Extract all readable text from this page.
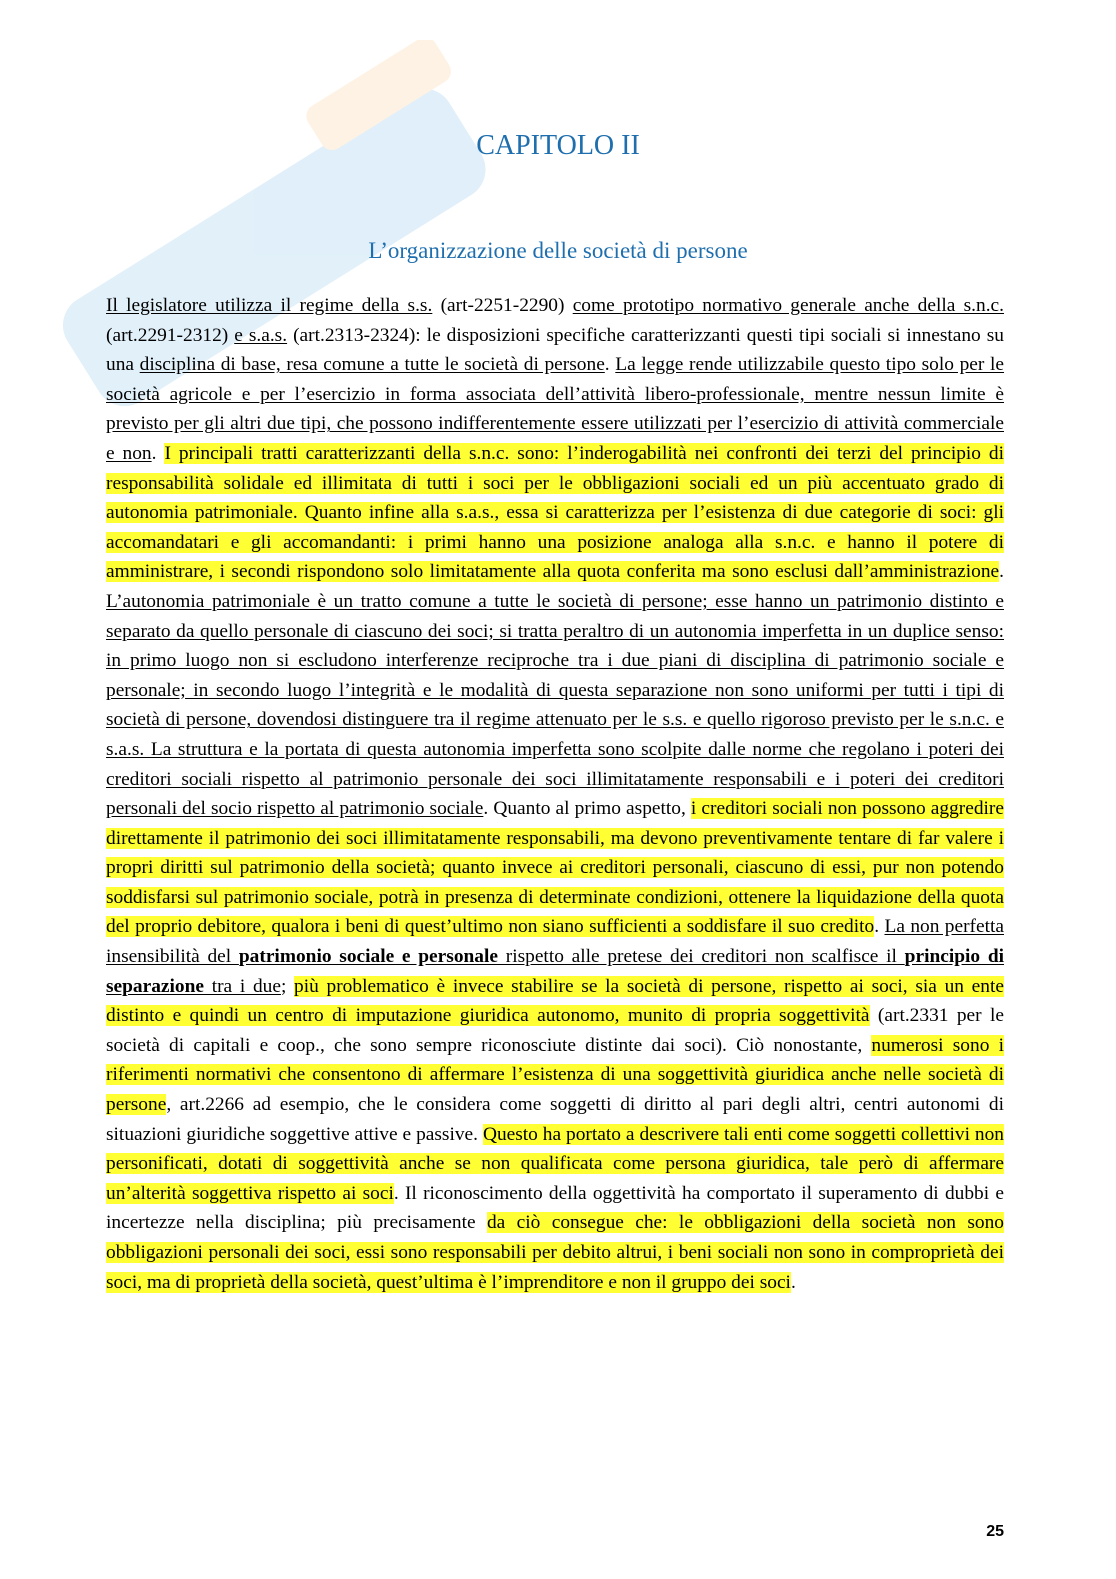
CAPITOLO II
L’organizzazione delle società di persone

Il legislatore utilizza il regime della s.s. (art-2251-2290) come prototipo normativo generale anche della s.n.c. (art.2291-2312) e s.a.s. (art.2313-2324): le disposizioni specifiche caratterizzanti questi tipi sociali si innestano su una disciplina di base, resa comune a tutte le società di persone. La legge rende utilizzabile questo tipo solo per le società agricole e per l’esercizio in forma associata dell’attività libero-professionale, mentre nessun limite è previsto per gli altri due tipi, che possono indifferentemente essere utilizzati per l’esercizio di attività commerciale e non. I principali tratti caratterizzanti della s.n.c. sono: l’inderogabilità nei confronti dei terzi del principio di responsabilità solidale ed illimitata di tutti i soci per le obbligazioni sociali ed un più accentuato grado di autonomia patrimoniale. Quanto infine alla s.a.s., essa si caratterizza per l’esistenza di due categorie di soci: gli accomandatari e gli accomandanti: i primi hanno una posizione analoga alla s.n.c. e hanno il potere di amministrare, i secondi rispondono solo limitatamente alla quota conferita ma sono esclusi dall’amministrazione. L’autonomia patrimoniale è un tratto comune a tutte le società di persone; esse hanno un patrimonio distinto e separato da quello personale di ciascuno dei soci; si tratta peraltro di un autonomia imperfetta in un duplice senso: in primo luogo non si escludono interferenze reciproche tra i due piani di disciplina di patrimonio sociale e personale; in secondo luogo l’integrità e le modalità di questa separazione non sono uniformi per tutti i tipi di società di persone, dovendosi distinguere tra il regime attenuato per le s.s. e quello rigoroso previsto per le s.n.c. e s.a.s. La struttura e la portata di questa autonomia imperfetta sono scolpite dalle norme che regolano i poteri dei creditori sociali rispetto al patrimonio personale dei soci illimitatamente responsabili e i poteri dei creditori personali del socio rispetto al patrimonio sociale. Quanto al primo aspetto, i creditori sociali non possono aggredire direttamente il patrimonio dei soci illimitatamente responsabili, ma devono preventivamente tentare di far valere i propri diritti sul patrimonio della società; quanto invece ai creditori personali, ciascuno di essi, pur non potendo soddisfarsi sul patrimonio sociale, potrà in presenza di determinate condizioni, ottenere la liquidazione della quota del proprio debitore, qualora i beni di quest’ultimo non siano sufficienti a soddisfare il suo credito. La non perfetta insensibilità del patrimonio sociale e personale rispetto alle pretese dei creditori non scalfisce il principio di separazione tra i due; più problematico è invece stabilire se la società di persone, rispetto ai soci, sia un ente distinto e quindi un centro di imputazione giuridica autonomo, munito di propria soggettività (art.2331 per le società di capitali e coop., che sono sempre riconosciute distinte dai soci). Ciò nonostante, numerosi sono i riferimenti normativi che consentono di affermare l’esistenza di una soggettività giuridica anche nelle società di persone, art.2266 ad esempio, che le considera come soggetti di diritto al pari degli altri, centri autonomi di situazioni giuridiche soggettive attive e passive. Questo ha portato a descrivere tali enti come soggetti collettivi non personificati, dotati di soggettività anche se non qualificata come persona giuridica, tale però di affermare un’alterità soggettiva rispetto ai soci. Il riconoscimento della oggettività ha comportato il superamento di dubbi e incertezze nella disciplina; più precisamente da ciò consegue che: le obbligazioni della società non sono obbligazioni personali dei soci, essi sono responsabili per debito altrui, i beni sociali non sono in comproprietà dei soci, ma di proprietà della società, quest’ultima è l’imprenditore e non il gruppo dei soci.

25
